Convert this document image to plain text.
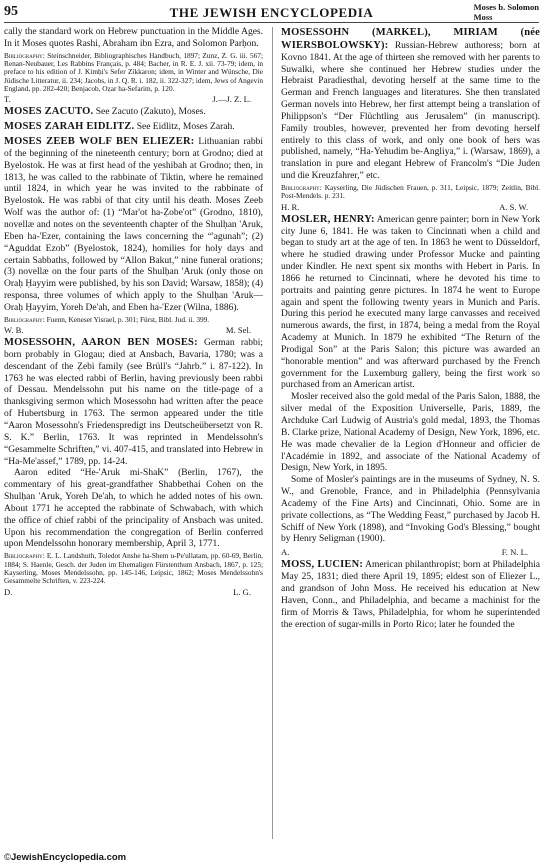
95	THE JEWISH ENCYCLOPEDIA	Moses b. Solomon
Moss

cally the standard work on Hebrew punctuation in the Middle Ages. In it Moses quotes Rashi, Abraham ibn Ezra, and Solomon Parḥon.

Bibliography: Steinschneider, Bibliographisches Handbuch, 1897; Zunz, Z. G. iii. 567; Renan-Neubauer, Les Rabbins Français, p. 484; Bacher, in R. E. J. xii. 73-79; idem, in preface to his edition of J. Kimḥi's Sefer Zikkaron; idem, in Winter and Wünsche, Die Jüdische Litteratur, ii. 234; Jacobs, in J. Q. R. i. 182, ii. 322-327; idem, Jews of Angevin England, pp. 282-420; Benjacob, Oẓar ha-Sefarim, p. 120.

T.	J.—J. Z. L.

MOSES ZACUTO. See Zacuto (Zakuto), Moses.

MOSES ZARAH EIDLITZ. See Eidlitz, Moses Zarah.

MOSES ZEEB WOLF BEN ELIEZER: Lithuanian rabbi of the beginning of the nineteenth century; born at Grodno; died at Byelostok. He was at first head of the yeshibah at Grodno; then, in 1813, he was called to the rabbinate of Tiktin, where he remained until 1824, in which year he was invited to the rabbinate of Byelostok. He was rabbi of that city until his death. Moses Zeeb Wolf was the author of: (1) “Mar'ot ha-Ẓobe'ot” (Grodno, 1810), novellæ and notes on the seventeenth chapter of the Shulḥan 'Aruk, Eben ha-'Ezer, containing the laws concerning the “'agunah”; (2) “Aguddat Ezob” (Byelostok, 1824), homilies for holy days and certain Sabbaths, followed by “Allon Bakut,” nine funeral orations; (3) novellæ on the four parts of the Shulḥan 'Aruk (only those on Oraḥ Ḥayyim were published, by his son David; Warsaw, 1858); (4) responsa, three volumes of which apply to the Shulḥan 'Aruk—Oraḥ Ḥayyim, Yoreh De'ah, and Eben ha-'Ezer (Wilna, 1886).

Bibliography: Fuenn, Keneset Yisrael, p. 301; Fürst, Bibl. Jud. ii. 399.

W. B.	M. Sel.

MOSESSOHN, AARON BEN MOSES: German rabbi; born probably in Glogau; died at Ansbach, Bavaria, 1780; was a descendant of the Ẓebi family (see Brüll's “Jahrb.” i. 87-122). In 1763 he was elected rabbi of Berlin, having previously been rabbi of Dessau. Mendelssohn put his name on the title-page of a thanksgiving sermon which Mosessohn had written after the peace of Hubertsburg in 1763. The sermon appeared under the title “Aaron Mosessohn's Friedenspredigt ins Deutscheübersetzt von R. S. K.” Berlin, 1763. It was reprinted in Mendelssohn's “Gesammelte Schriften,” vi. 407-415, and translated into Hebrew in “Ha-Me'assef,” 1789, pp. 14-24.

Aaron edited “He-'Aruk mi-ShaK” (Berlin, 1767), the commentary of his great-grandfather Shabbethai Cohen on the Shulḥan 'Aruk, Yoreh De'ah, to which he added notes of his own. About 1771 he accepted the rabbinate of Schwabach, with which the office of chief rabbi of the principality of Ansbach was united. Upon his recommendation the congregation of Berlin conferred upon Mendelssohn honorary membership, April 3, 1771.

Bibliography: E. L. Landshuth, Toledot Anshe ha-Shem u-Pe'ullatam, pp. 60-69, Berlin, 1884; S. Haenle, Gesch. der Juden im Ehemaligen Fürstenthum Ansbach, 1867, p. 125; Kayserling, Moses Mendelssohn, pp. 145-146, Leipsic, 1862; Moses Mendelssohn's Gesammelte Schriften, v. 223-224.

D.	L. G.

MOSESSOHN (MARKEL), MIRIAM (née WIERSBOLOWSKY): Russian-Hebrew authoress; born at Kovno 1841. At the age of thirteen she removed with her parents to Suwalki, where she continued her Hebrew studies under the Hebraist Paradiesthal, devoting herself at the same time to the German and French languages and literatures. She then translated German novels into Hebrew, her first attempt being a translation of Philippson's “Der Flüchtling aus Jerusalem” (in manuscript). Family troubles, however, prevented her from devoting herself entirely to this class of work, and only one book of hers was published, namely, “Ha-Yehudim be-Angliya,” i. (Warsaw, 1869), a translation in pure and elegant Hebrew of Francolm's “Die Juden und die Kreuzfahrer,” etc.

Bibliography: Kayserling, Die Jüdischen Frauen, p. 311, Leipsic, 1879; Zeitlin, Bibl. Post-Mendels. p. 231.

H. R.	A. S. W.

MOSLER, HENRY: American genre painter; born in New York city June 6, 1841. He was taken to Cincinnati when a child and began to study art at the age of ten. In 1863 he went to Düsseldorf, where he studied drawing under Professor Mucke and painting under Kindler. He next spent six months with Hebert in Paris. In 1866 he returned to Cincinnati, where he devoted his time to portraits and painting genre pictures. In 1874 he went to Europe again and spent the following twenty years in Munich and Paris. During this period he executed many large canvasses and received numerous awards, the first, in 1874, being a medal from the Royal Academy at Munich. In 1879 he exhibited “The Return of the Prodigal Son” at the Paris Salon; this picture was awarded an “honorable mention” and was afterward purchased by the French government for the Luxemburg gallery, being the first work so purchased from an American artist.

Mosler received also the gold medal of the Paris Salon, 1888, the silver medal of the Exposition Universelle, Paris, 1889, the Archduke Carl Ludwig of Austria's gold medal, 1893, the Thomas B. Clarke prize, National Academy of Design, New York, 1896, etc. He was made chevalier de la Legion d'Honneur and officier de l'Académie in 1892, and associate of the National Academy of Design, New York, in 1895.

Some of Mosler's paintings are in the museums of Sydney, N. S. W., and Grenoble, France, and in Philadelphia (Pennsylvania Academy of the Fine Arts) and Cincinnati, Ohio. Some are in private collections, as “The Wedding Feast,” purchased by Jacob H. Schiff of New York (1898), and “Invoking God's Blessing,” bought by Henry Seligman (1900).

A.	F. N. L.

MOSS, LUCIEN: American philanthropist; born at Philadelphia May 25, 1831; died there April 19, 1895; eldest son of Eliezer L., and grandson of John Moss. He received his education at New Haven, Conn., and Philadelphia, and became a machinist for the firm of Morris & Taws, Philadelphia, for whom he superintended the erection of sugar-mills in Porto Rico; later he founded the

©JewishEncyclopedia.com
